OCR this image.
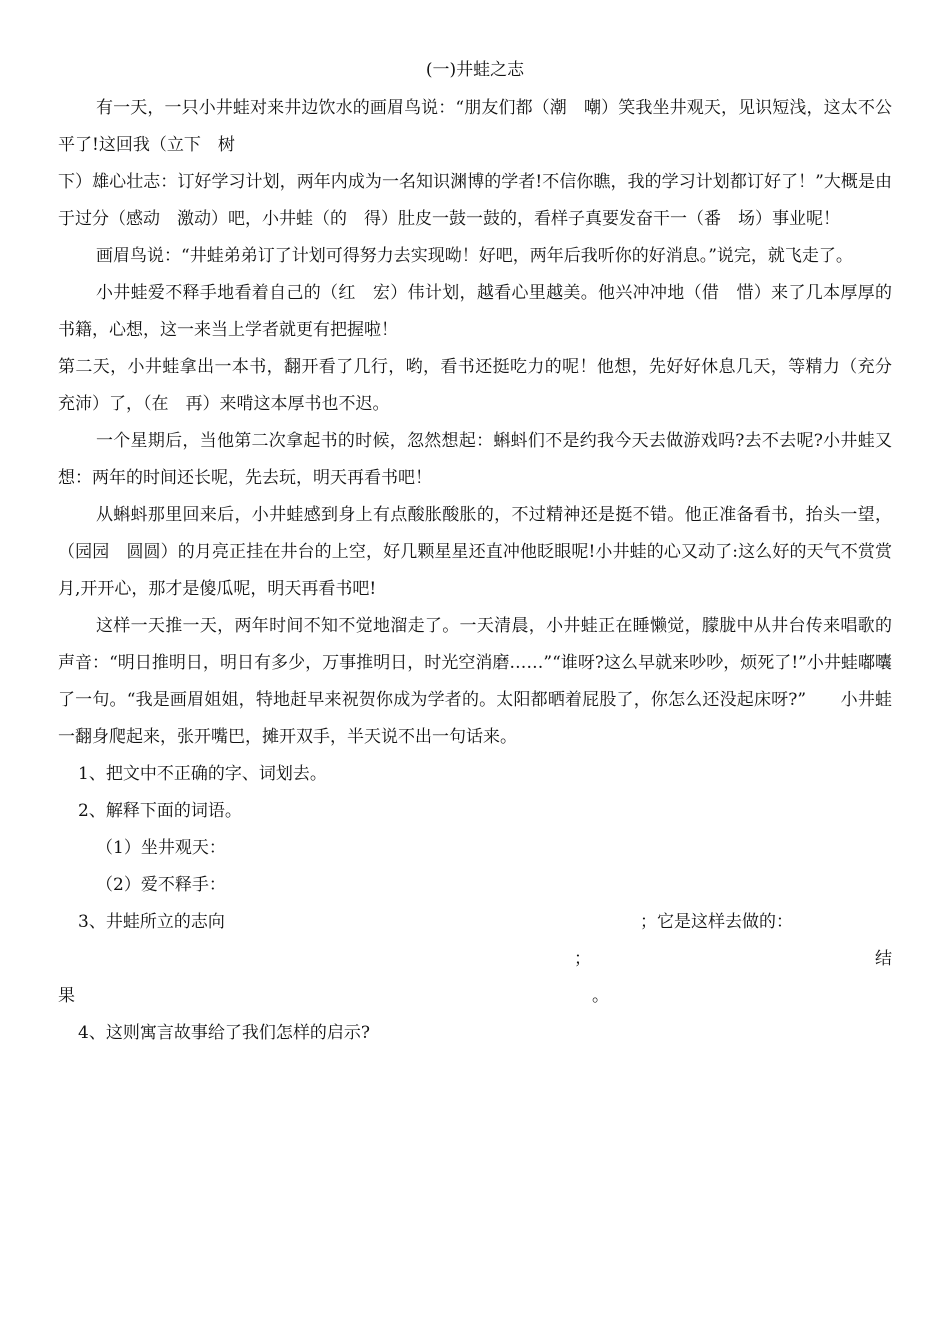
(一)井蛙之志

有一天，一只小井蛙对来井边饮水的画眉鸟说：“朋友们都（潮　嘲）笑我坐井观天，见识短浅，这太不公平了!这回我（立下　树

下）雄心壮志：订好学习计划，两年内成为一名知识渊博的学者!不信你瞧，我的学习计划都订好了！”大概是由于过分（感动　激动）吧，小井蛙（的　得）肚皮一鼓一鼓的，看样子真要发奋干一（番　场）事业呢！

画眉鸟说：“井蛙弟弟订了计划可得努力去实现呦！好吧，两年后我听你的好消息。”说完，就飞走了。

小井蛙爱不释手地看着自己的（红　宏）伟计划，越看心里越美。他兴冲冲地（借　惜）来了几本厚厚的书籍，心想，这一来当上学者就更有把握啦！

第二天，小井蛙拿出一本书，翻开看了几行，哟，看书还挺吃力的呢！他想，先好好休息几天，等精力（充分　充沛）了，（在　再）来啃这本厚书也不迟。

一个星期后，当他第二次拿起书的时候，忽然想起：蝌蚪们不是约我今天去做游戏吗?去不去呢?小井蛙又想：两年的时间还长呢，先去玩，明天再看书吧！

从蝌蚪那里回来后，小井蛙感到身上有点酸胀酸胀的，不过精神还是挺不错。他正准备看书，抬头一望，（园园　圆圆）的月亮正挂在井台的上空，好几颗星星还直冲他眨眼呢!小井蛙的心又动了:这么好的天气不赏赏月,开开心，那才是傻瓜呢，明天再看书吧!

这样一天推一天，两年时间不知不觉地溜走了。一天清晨，小井蛙正在睡懒觉，朦胧中从井台传来唱歌的声音：“明日推明日，明日有多少，万事推明日，时光空消磨……”“谁呀?这么早就来吵吵，烦死了!”小井蛙嘟囔了一句。“我是画眉姐姐，特地赶早来祝贺你成为学者的。太阳都晒着屁股了，你怎么还没起床呀?”　　小井蛙一翻身爬起来，张开嘴巴，摊开双手，半天说不出一句话来。

1、把文中不正确的字、词划去。

2、解释下面的词语。

（1）坐井观天：

（2）爱不释手：

3、井蛙所立的志向	；它是这样去做的：
；	结
果	。

4、这则寓言故事给了我们怎样的启示?
